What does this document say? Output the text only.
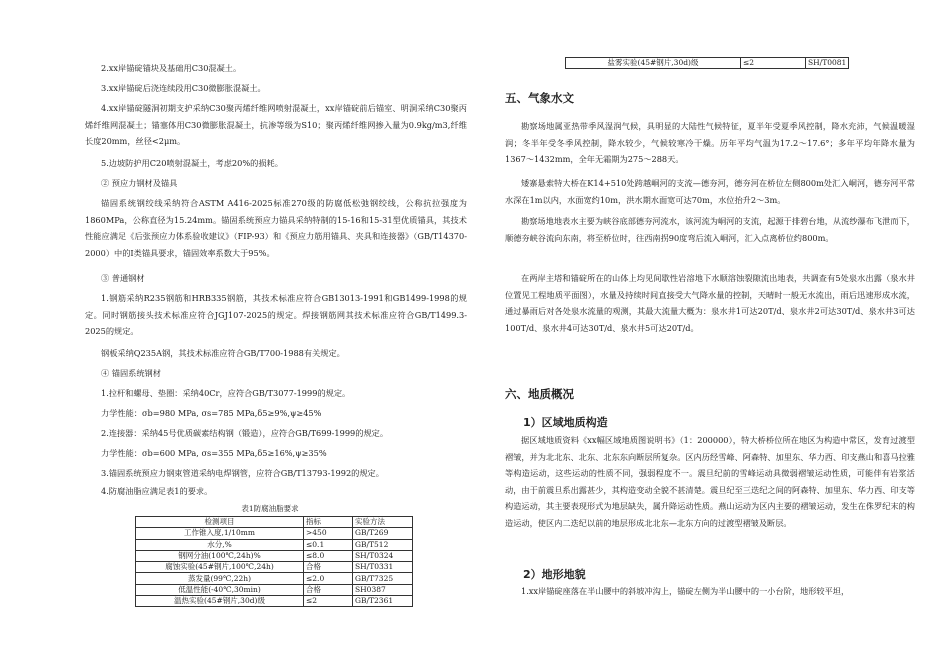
2.xx岸锚碇锚块及基础用C30混凝土。

3.xx岸锚碇后浇连续段用C30微膨胀混凝土。

4.xx岸锚碇隧洞初期支护采纳C30聚丙烯纤维网喷射混凝土，xx岸锚碇前后锚室、明洞采纳C30聚丙烯纤维网混凝土；锚塞体用C30微膨胀混凝土，抗渗等级为S10；聚丙烯纤维网掺入量为0.9kg/m3,纤维长度20mm，丝径<2μm。

5.边坡防护用C20喷射混凝土，考虑20%的损耗。

② 预应力钢材及锚具

锚固系统钢绞线采纳符合ASTM A416-2025标准270级的防腐低松弛钢绞线，公称抗拉强度为1860MPa，公称直径为15.24mm。锚固系统预应力锚具采纳特制的15-16和15-31型优质锚具，其技术性能应满足《后张预应力体系验收建议》（FIP-93）和《预应力筋用锚具、夹具和连接器》（GB/T14370-2000）中的Ⅰ类锚具要求，锚固效率系数大于95%。

③ 普通钢材

1.钢筋采纳R235钢筋和HRB335钢筋，其技术标准应符合GB13013-1991和GB1499-1998的规定。同时钢筋接头技术标准应符合JGJ107-2025的规定。焊接钢筋网其技术标准应符合GB/T1499.3-2025的规定。

钢板采纳Q235A钢，其技术标准应符合GB/T700-1988有关规定。

④ 锚固系统钢材

1.拉杆和螺母、垫圈：采纳40Cr，应符合GB/T3077-1999的规定。

力学性能：σb=980 MPa, σs=785 MPa,δ5≥9%,ψ≥45%

2.连接器：采纳45号优质碳素结构钢（锻造），应符合GB/T699-1999的规定。

力学性能：σb=600 MPa, σs=355 MPa,δ5≥16%,ψ≥35%

3.锚固系统预应力钢束管道采纳电焊钢管，应符合GB/T13793-1992的规定。

4.防腐油脂应满足表1的要求。

表1防腐油脂要求
检测项目	指标	实验方法
工作锥入度,1/10mm	>450	GB/T269
水分,%	≤0.1	GB/T512
钢网分油(100℃,24h)%	≤8.0	SH/T0324
腐蚀实验(45#钢片,100℃,24h)	合格	SH/T0331
蒸发量(99℃,22h)	≤2.0	GB/T7325
低温性能(-40℃,30min)	合格	SH0387
温热实验(45#钢片,30d)级	≤2	GB/T2361
盐雾实验(45#钢片,30d)级	≤2	SH/T0081
五、气象水文

勘察场地属亚热带季风湿润气候，具明显的大陆性气候特征，夏半年受夏季风控制，降水充沛，气候温暖湿润；冬半年受冬季风控制，降水较少，气候较寒冷干燥。历年平均气温为17.2～17.6°；多年平均年降水量为1367～1432mm，全年无霜期为275～288天。

矮寨悬索特大桥在K14+510处跨越峒河的支流—德夯河，德夯河在桥位左侧800m处汇入峒河，德夯河平常水深在1m以内，水面宽约10m，洪水期水面宽可达70m，水位抬升2～3m。

勘察场地地表水主要为峡谷底部德夯河流水，该河流为峒河的支流，起源于排碧台地，从流纱瀑布飞泄而下，顺德夯峡谷流向东南，将至桥位时，往西南拐90度弯后流入峒河，汇入点离桥位约800m。

在两岸主塔和锚碇所在的山体上均见间歇性岩溶地下水顺溶蚀裂隙流出地表，共调查有5处泉水出露（泉水井位置见工程地质平面图），水量及持续时间直接受大气降水量的控制，天晴时一般无水流出，雨后迅速形成水流，通过暴雨后对各处泉水流量的观测，其最大流量大概为：泉水井1可达20T/d、泉水井2可达30T/d、泉水井3可达100T/d、泉水井4可达30T/d、泉水井5可达20T/d。

六、地质概况
1）区域地质构造

据区域地质资料《xx幅区域地质图说明书》（1：200000），特大桥桥位所在地区为构造中常区，发育过渡型褶皱，并为北北东、北东、北东东向断层所复杂。区内历经雪峰、阿森特、加里东、华力西、印支燕山和喜马拉雅等构造运动，这些运动的性质不同，强弱程度不一。震旦纪前的雪峰运动具微弱褶皱运动性质，可能伴有岩浆活动，由于前震旦系出露甚少，其构造变动全貌不甚清楚。震旦纪至三迭纪之间的阿森特、加里东、华力西、印支等构造运动，其主要表现形式为地层缺失，属升降运动性质。燕山运动为区内主要的褶皱运动，发生在侏罗纪末的构造运动，使区内二迭纪以前的地层形成北北东—北东方向的过渡型褶皱及断层。

2）地形地貌

1.xx岸锚碇座落在半山腰中的斜坡冲沟上，锚碇左侧为半山腰中的一小台阶，地形较平坦，
